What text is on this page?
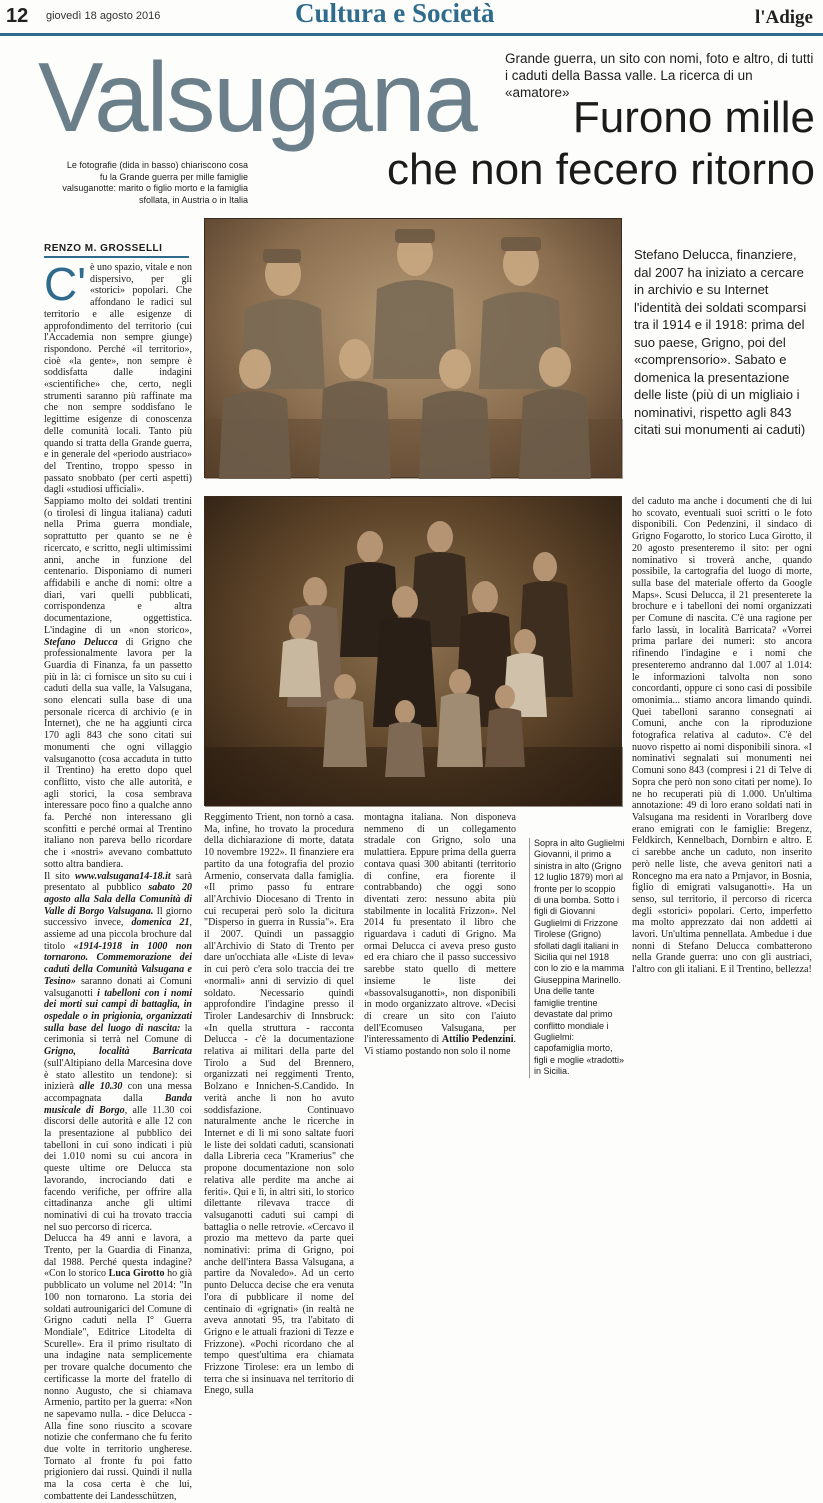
12 giovedì 18 agosto 2016	Cultura e Società	l'Adige
Valsugana Grande guerra, un sito con nomi, foto e altro, di tutti i caduti della Bassa valle. La ricerca di un «amatore»
Furono mille
che non fecero ritorno
Le fotografie (dida in basso) chiariscono cosa fu la Grande guerra per mille famiglie valsuganotte: marito o figlio morto e la famiglia sfollata, in Austria o in Italia
RENZO M. GROSSELLI	Stefano Delucca, finanziere, dal 2007 ha iniziato a cercare in archivio e su Internet l'identità dei soldati scomparsi tra il 1914 e il 1918: prima del suo paese, Grigno, poi del «comprensorio». Sabato e domenica la presentazione delle liste (più di un migliaio i nominativi, rispetto agli 843 citati sui monumenti ai caduti)
C' è uno spazio, vitale e non dispersivo, per gli «storici» popolari. Che affondano le radici sul territorio e alle esigenze di approfondimento del territorio (cui l'Accademia non sempre giunge) rispondono. Perché «il territorio», cioè «la gente», non sempre è soddisfatta dalle indagini «scientifiche» che, certo, negli strumenti saranno più raffinate ma che non sempre soddisfano le legittime esigenze di conoscenza delle comunità locali. Tanto più quando si tratta della Grande guerra, e in generale del «periodo austriaco» del Trentino, troppo spesso in passato snobbato (per certi aspetti) dagli «studiosi ufficiali».

Sappiamo molto dei soldati trentini (o tirolesi di lingua italiana) caduti nella Prima guerra mondiale, soprattutto per quanto se ne è ricercato, e scritto, negli ultimissimi anni, anche in funzione del centenario. Disponiamo di numeri affidabili e anche di nomi: oltre a diari, vari quelli pubblicati, corrispondenza e altra documentazione, oggettistica. L'indagine di un «non storico», Stefano Delucca di Grigno che professionalmente lavora per la Guardia di Finanza, fa un passetto più in là: ci fornisce un sito su cui i caduti della sua valle, la Valsugana, sono elencati sulla base di una personale ricerca di archivio (e in Internet), che ne ha aggiunti circa 170 agli 843 che sono citati sui monumenti che ogni villaggio valsuganotto (cosa accaduta in tutto il Trentino) ha eretto dopo quel conflitto, visto che alle autorità, e agli storici, la cosa sembrava interessare poco fino a qualche anno fa. Perché non interessano gli sconfitti e perché ormai al Trentino italiano non pareva bello ricordare che i «nostri» avevano combattuto sotto altra bandiera.

Il sito www.valsugana14-18.it sarà presentato al pubblico sabato 20 agosto alla Sala della Comunità di Valle di Borgo Valsugana. Il giorno successivo invece, domenica 21, assieme ad una piccola brochure dal titolo «1914-1918 in 1000 non tornarono. Commemorazione dei caduti della Comunità Valsugana e Tesino» saranno donati ai Comuni valsuganotti i tabelloni con i nomi dei morti sui campi di battaglia, in ospedale o in prigionia, organizzati sulla base del luogo di nascita: la cerimonia si terrà nel Comune di Grigno, località Barricata (sull'Altipiano della Marcesina dove è stato allestito un tendone): si inizierà alle 10.30 con una messa accompagnata dalla Banda musicale di Borgo, alle 11.30 coi discorsi delle autorità e alle 12 con la presentazione al pubblico dei tabelloni in cui sono indicati i più dei 1.010 nomi su cui ancora in queste ultime ore Delucca sta lavorando, incrociando dati e facendo verifiche, per offrire alla cittadinanza anche gli ultimi nominativi di cui ha trovato traccia nel suo percorso di ricerca.

Delucca ha 49 anni e lavora, a Trento, per la Guardia di Finanza, dal 1988. Perché questa indagine? «Con lo storico Luca Girotto ho già pubblicato un volume nel 2014: "In 100 non tornarono. La storia dei soldati autrounigarici del Comune di Grigno caduti nella I° Guerra Mondiale", Editrice Litodelta di Scurelle». Era il primo risultato di una indagine nata semplicemente per trovare qualche documento che certificasse la morte del fratello di nonno Augusto, che si chiamava Armenio, partito per la guerra: «Non ne sapevamo nulla. - dice Delucca - Alla fine sono riuscito a scovare notizie che confermano che fu ferito due volte in territorio ungherese. Tornato al fronte fu poi fatto prigioniero dai russi. Quindi il nulla ma la cosa certa è che lui, combattente dei Landesschützen,

Reggimento Trient, non tornò a casa. Ma, infine, ho trovato la procedura della dichiarazione di morte, datata 10 novembre 1922». Il finanziere era partito da una fotografia del prozio Armenio, conservata dalla famiglia. «Il primo passo fu entrare all'Archivio Diocesano di Trento in cui recuperai però solo la dicitura "Disperso in guerra in Russia"». Era il 2007. Quindi un passaggio all'Archivio di Stato di Trento per dare un'occhiata alle «Liste di leva» in cui però c'era solo traccia dei tre «normali» anni di servizio di quel soldato. Necessario quindi approfondire l'indagine presso il Tiroler Landesarchiv di Innsbruck: «In quella struttura - racconta Delucca - c'è la documentazione relativa ai militari della parte del Tirolo a Sud del Brennero, organizzati nei reggimenti Trento, Bolzano e Innichen-S.Candido. In verità anche lì non ho avuto soddisfazione. Continuavo naturalmente anche le ricerche in Internet e di lì mi sono saltate fuori le liste dei soldati caduti, scansionati dalla Libreria ceca "Kramerius" che propone documentazione non solo relativa alle perdite ma anche ai feriti». Qui e lì, in altri siti, lo storico dilettante rilevava tracce di valsuganotti caduti sui campi di battaglia o nelle retrovie. «Cercavo il prozio ma mettevo da parte quei nominativi: prima di Grigno, poi anche dell'intera Bassa Valsugana, a partire da Novaledo». Ad un certo punto Delucca decise che era venuta l'ora di pubblicare il nome del centinaio di «grignati» (in realtà ne aveva annotati 95, tra l'abitato di Grigno e le attuali frazioni di Tezze e Frizzone). «Pochi ricordano che al tempo quest'ultima era chiamata Frizzone Tirolese: era un lembo di terra che si insinuava nel territorio di Enego, sulla
montagna italiana. Non disponeva nemmeno di un collegamento stradale con Grigno, solo una mulattiera. Eppure prima della guerra contava quasi 300 abitanti (territorio di confine, era fiorente il contrabbando) che oggi sono diventati zero: nessuno abita più stabilmente in località Frizzon». Nel 2014 fu presentato il libro che riguardava i caduti di Grigno. Ma ormai Delucca ci aveva preso gusto ed era chiaro che il passo successivo sarebbe stato quello di mettere insieme le liste dei «bassovalsuganotti», non disponibili in modo organizzato altrove. «Decisi di creare un sito con l'aiuto dell'Ecomuseo Valsugana, per l'interessamento di Attilio Pedenzini. Vi stiamo postando non solo il nome
Sopra in alto Guglielmi Giovanni, il primo a sinistra in alto (Grigno 12 luglio 1879) morì al fronte per lo scoppio di una bomba. Sotto i figli di Giovanni Guglielmi di Frizzone Tirolese (Grigno) sfollati dagli italiani in Sicilia qui nel 1918 con lo zio e la mamma Giuseppina Marinello. Una delle tante famiglie trentine devastate dal primo conflitto mondiale i Guglielmi: capofamiglia morto, figli e moglie «tradotti» in Sicilia.
del caduto ma anche i documenti che di lui ho scovato, eventuali suoi scritti o le foto disponibili. Con Pedenzini, il sindaco di Grigno Fogarotto, lo storico Luca Girotto, il 20 agosto presenteremo il sito: per ogni nominativo si troverà anche, quando possibile, la cartografia del luogo di morte, sulla base del materiale offerto da Google Maps». Scusi Delucca, il 21 presenterete la brochure e i tabelloni dei nomi organizzati per Comune di nascita. C'è una ragione per farlo lassù, in località Barricata? «Vorrei prima parlare dei numeri: sto ancora rifinendo l'indagine e i nomi che presenteremo andranno dal 1.007 al 1.014: le informazioni talvolta non sono concordanti, oppure ci sono casi di possibile omonimia... stiamo ancora limando quindi. Quei tabelloni saranno consegnati ai Comuni, anche con la riproduzione fotografica relativa al caduto». C'è del nuovo rispetto ai nomi disponibili sinora. «I nominativi segnalati sui monumenti nei Comuni sono 843 (compresi i 21 di Telve di Sopra che però non sono citati per nome). Io ne ho recuperati più di 1.000. Un'ultima annotazione: 49 di loro erano soldati nati in Valsugana ma residenti in Vorarlberg dove erano emigrati con le famiglie: Bregenz, Feldkirch, Kennelbach, Dornbirn e altro. E ci sarebbe anche un caduto, non inserito però nelle liste, che aveva genitori nati a Roncegno ma era nato a Prnjavor, in Bosnia, figlio di emigrati valsuganotti». Ha un senso, sul territorio, il percorso di ricerca degli «storici» popolari. Certo, imperfetto ma molto apprezzato dai non addetti ai lavori. Un'ultima pennellata. Ambedue i due nonni di Stefano Delucca combatterono nella Grande guerra: uno con gli austriaci, l'altro con gli italiani. E il Trentino, bellezza!
